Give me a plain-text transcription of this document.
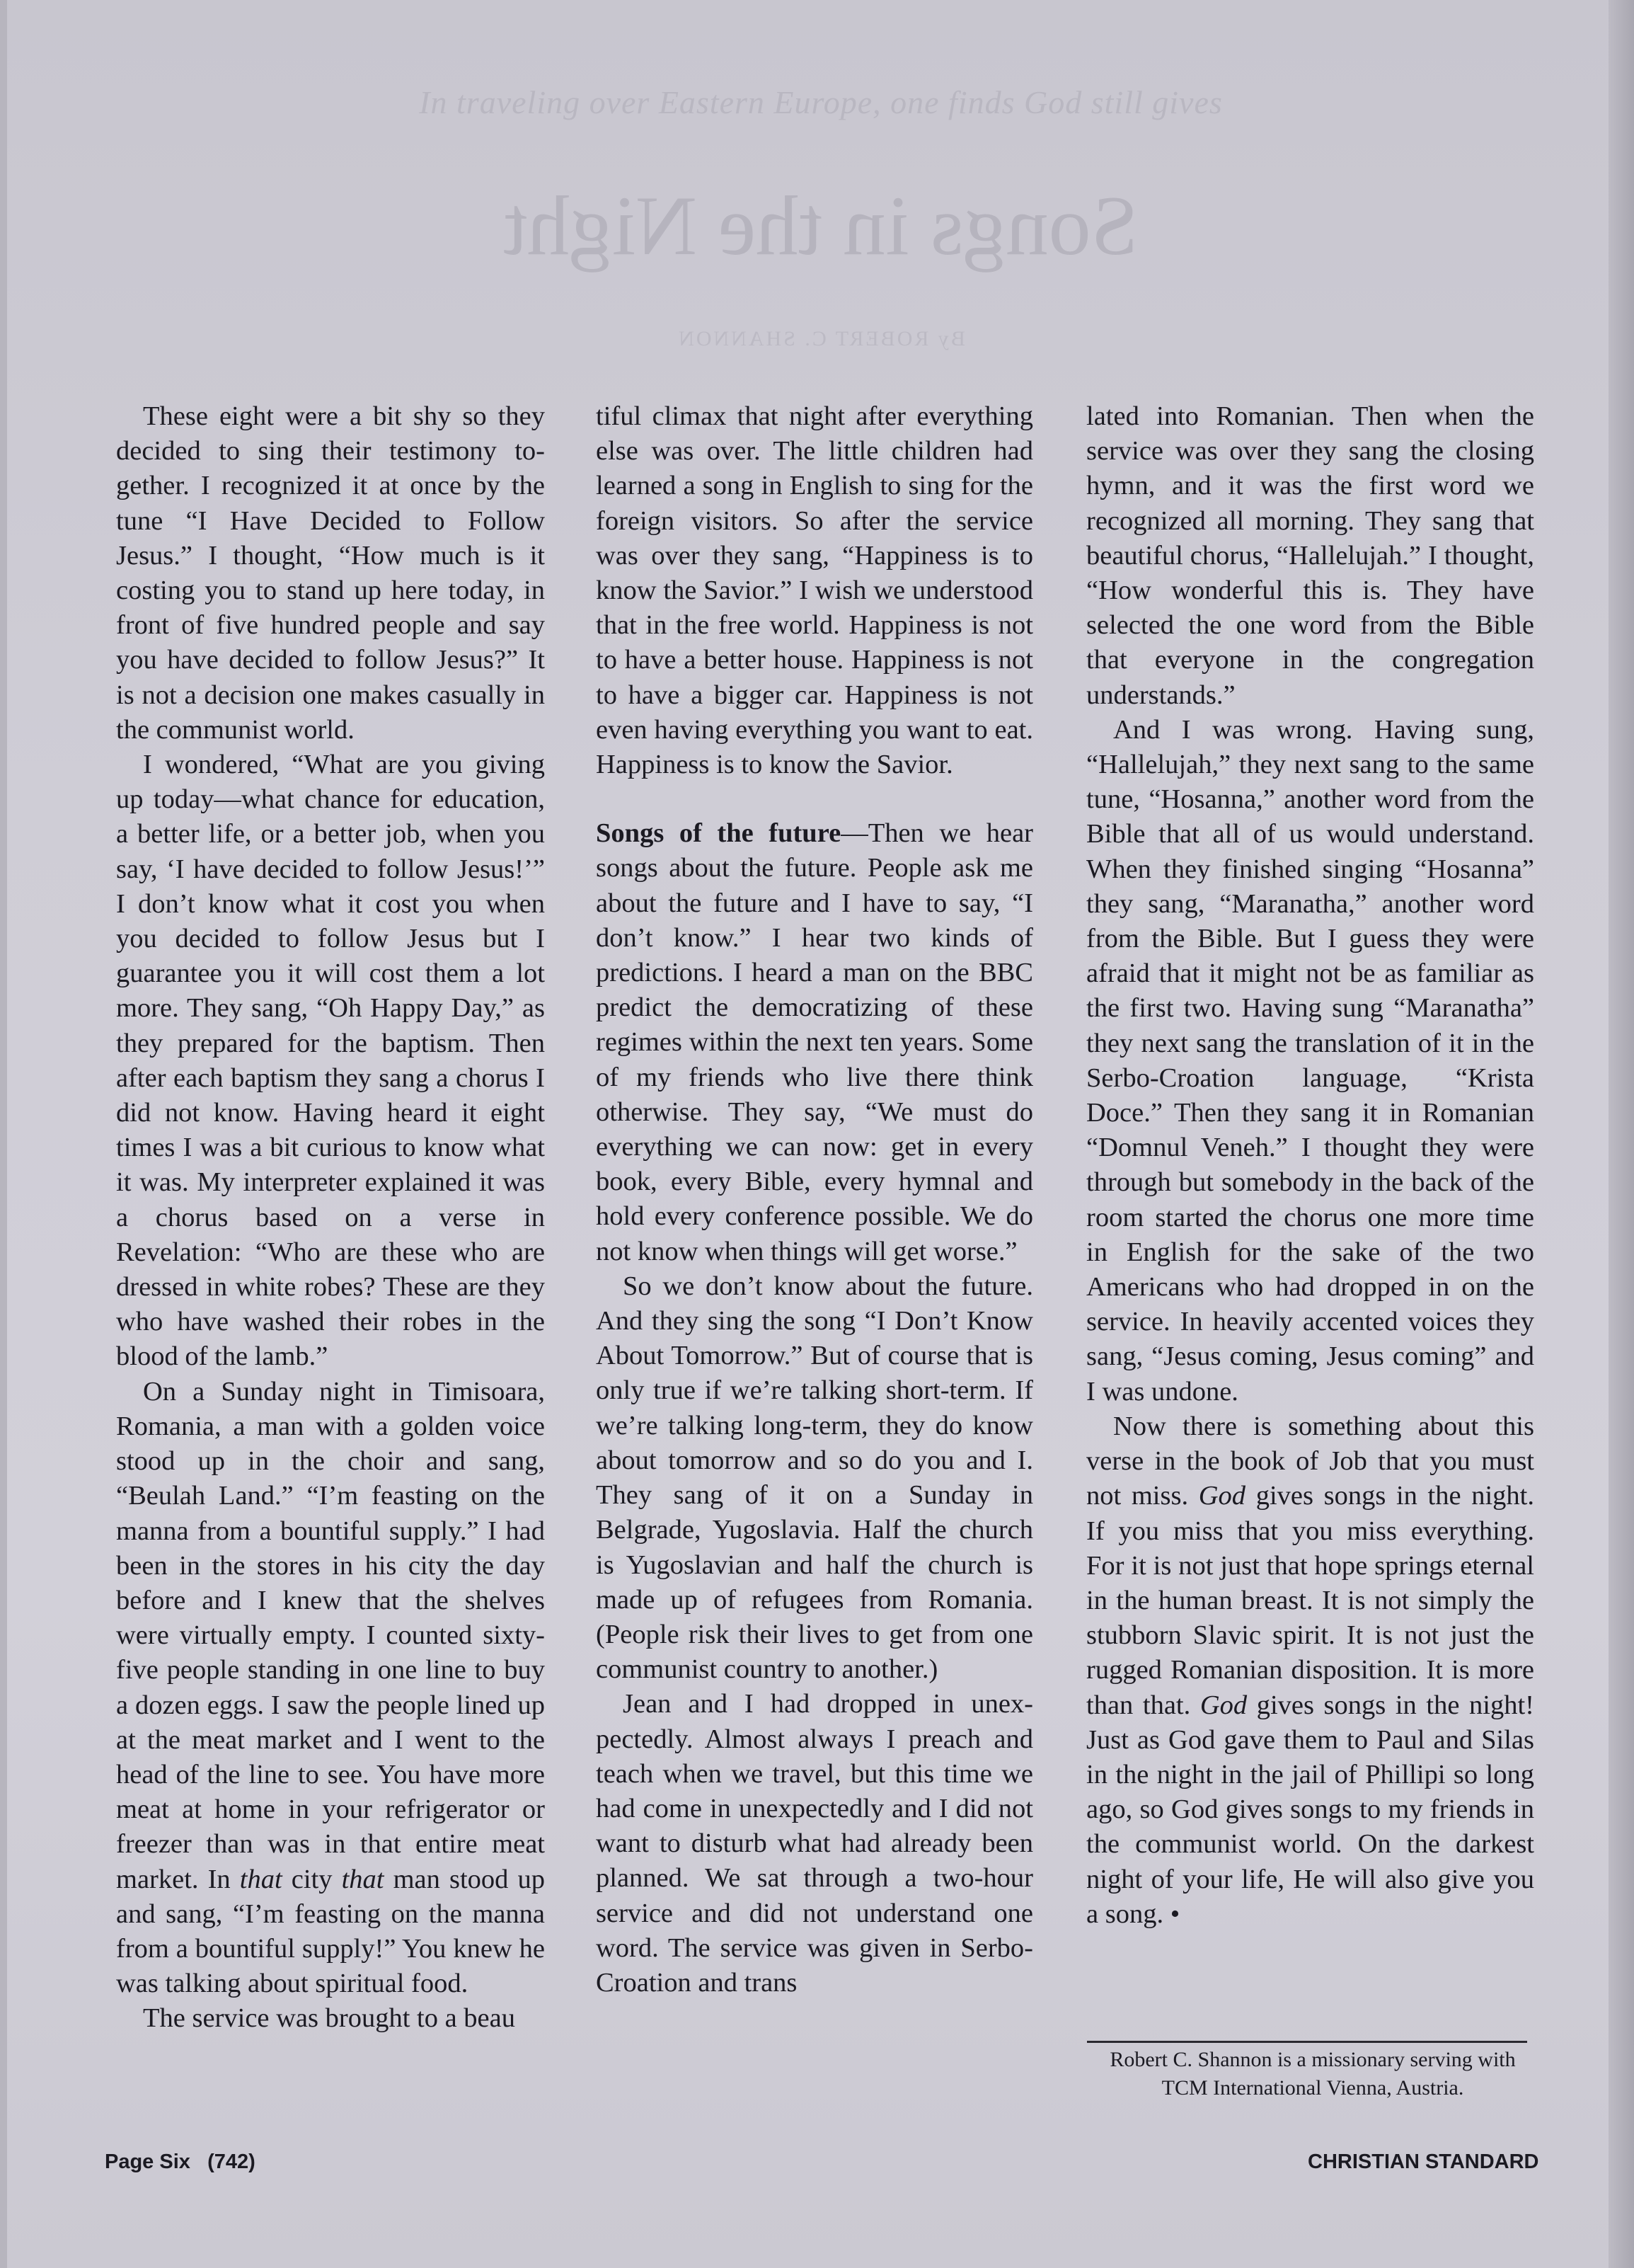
In traveling over Eastern Europe, one finds God still gives
Songs in the Night
By ROBERT C. SHANNON

These eight were a bit shy so they decided to sing their testimony together. I recognized it at once by the tune “I Have Decided to Follow Jesus.” I thought, “How much is it costing you to stand up here today, in front of five hundred people and say you have decided to follow Jesus?” It is not a decision one makes casually in the communist world.

I wondered, “What are you giving up today—what chance for education, a better life, or a better job, when you say, ‘I have decided to follow Jesus!’” I don’t know what it cost you when you decided to follow Jesus but I guarantee you it will cost them a lot more. They sang, “Oh Happy Day,” as they prepared for the baptism. Then after each baptism they sang a chorus I did not know. Having heard it eight times I was a bit curious to know what it was. My interpreter explained it was a chorus based on a verse in Revelation: “Who are these who are dressed in white robes? These are they who have washed their robes in the blood of the lamb.”

On a Sunday night in Timisoara, Romania, a man with a golden voice stood up in the choir and sang, “Beulah Land.” “I’m feasting on the manna from a bountiful supply.” I had been in the stores in his city the day before and I knew that the shelves were virtually empty. I counted sixty-five people standing in one line to buy a dozen eggs. I saw the people lined up at the meat market and I went to the head of the line to see. You have more meat at home in your refrigerator or freezer than was in that entire meat market. In that city that man stood up and sang, “I’m feasting on the manna from a bountiful supply!” You knew he was talking about spiritual food.

The service was brought to a beau

tiful climax that night after everything else was over. The little children had learned a song in English to sing for the foreign visitors. So after the service was over they sang, “Happiness is to know the Savior.” I wish we understood that in the free world. Happiness is not to have a better house. Happiness is not to have a bigger car. Happiness is not even having everything you want to eat. Happiness is to know the Savior.

Songs of the future—Then we hear songs about the future. People ask me about the future and I have to say, “I don’t know.” I hear two kinds of predictions. I heard a man on the BBC predict the democratizing of these regimes within the next ten years. Some of my friends who live there think otherwise. They say, “We must do everything we can now: get in every book, every Bible, every hymnal and hold every conference possible. We do not know when things will get worse.”

So we don’t know about the future. And they sing the song “I Don’t Know About Tomorrow.” But of course that is only true if we’re talking short-term. If we’re talking long-term, they do know about tomorrow and so do you and I. They sang of it on a Sunday in Belgrade, Yugoslavia. Half the church is Yugoslavian and half the church is made up of refugees from Romania. (People risk their lives to get from one communist country to another.)

Jean and I had dropped in unexpectedly. Almost always I preach and teach when we travel, but this time we had come in unexpectedly and I did not want to disturb what had already been planned. We sat through a two-hour service and did not understand one word. The service was given in Serbo-Croation and trans

lated into Romanian. Then when the service was over they sang the closing hymn, and it was the first word we recognized all morning. They sang that beautiful chorus, “Hallelujah.” I thought, “How wonderful this is. They have selected the one word from the Bible that everyone in the congregation understands.”

And I was wrong. Having sung, “Hallelujah,” they next sang to the same tune, “Hosanna,” another word from the Bible that all of us would understand. When they finished singing “Hosanna” they sang, “Maranatha,” another word from the Bible. But I guess they were afraid that it might not be as familiar as the first two. Having sung “Maranatha” they next sang the translation of it in the Serbo-Croation language, “Krista Doce.” Then they sang it in Romanian “Domnul Veneh.” I thought they were through but somebody in the back of the room started the chorus one more time in English for the sake of the two Americans who had dropped in on the service. In heavily accented voices they sang, “Jesus coming, Jesus coming” and I was undone.

Now there is something about this verse in the book of Job that you must not miss. God gives songs in the night. If you miss that you miss everything. For it is not just that hope springs eternal in the human breast. It is not simply the stubborn Slavic spirit. It is not just the rugged Romanian disposition. It is more than that. God gives songs in the night! Just as God gave them to Paul and Silas in the night in the jail of Phillipi so long ago, so God gives songs to my friends in the communist world. On the darkest night of your life, He will also give you a song. •

Robert C. Shannon is a missionary serving with TCM International Vienna, Austria.
Page Six   (742)	CHRISTIAN STANDARD
